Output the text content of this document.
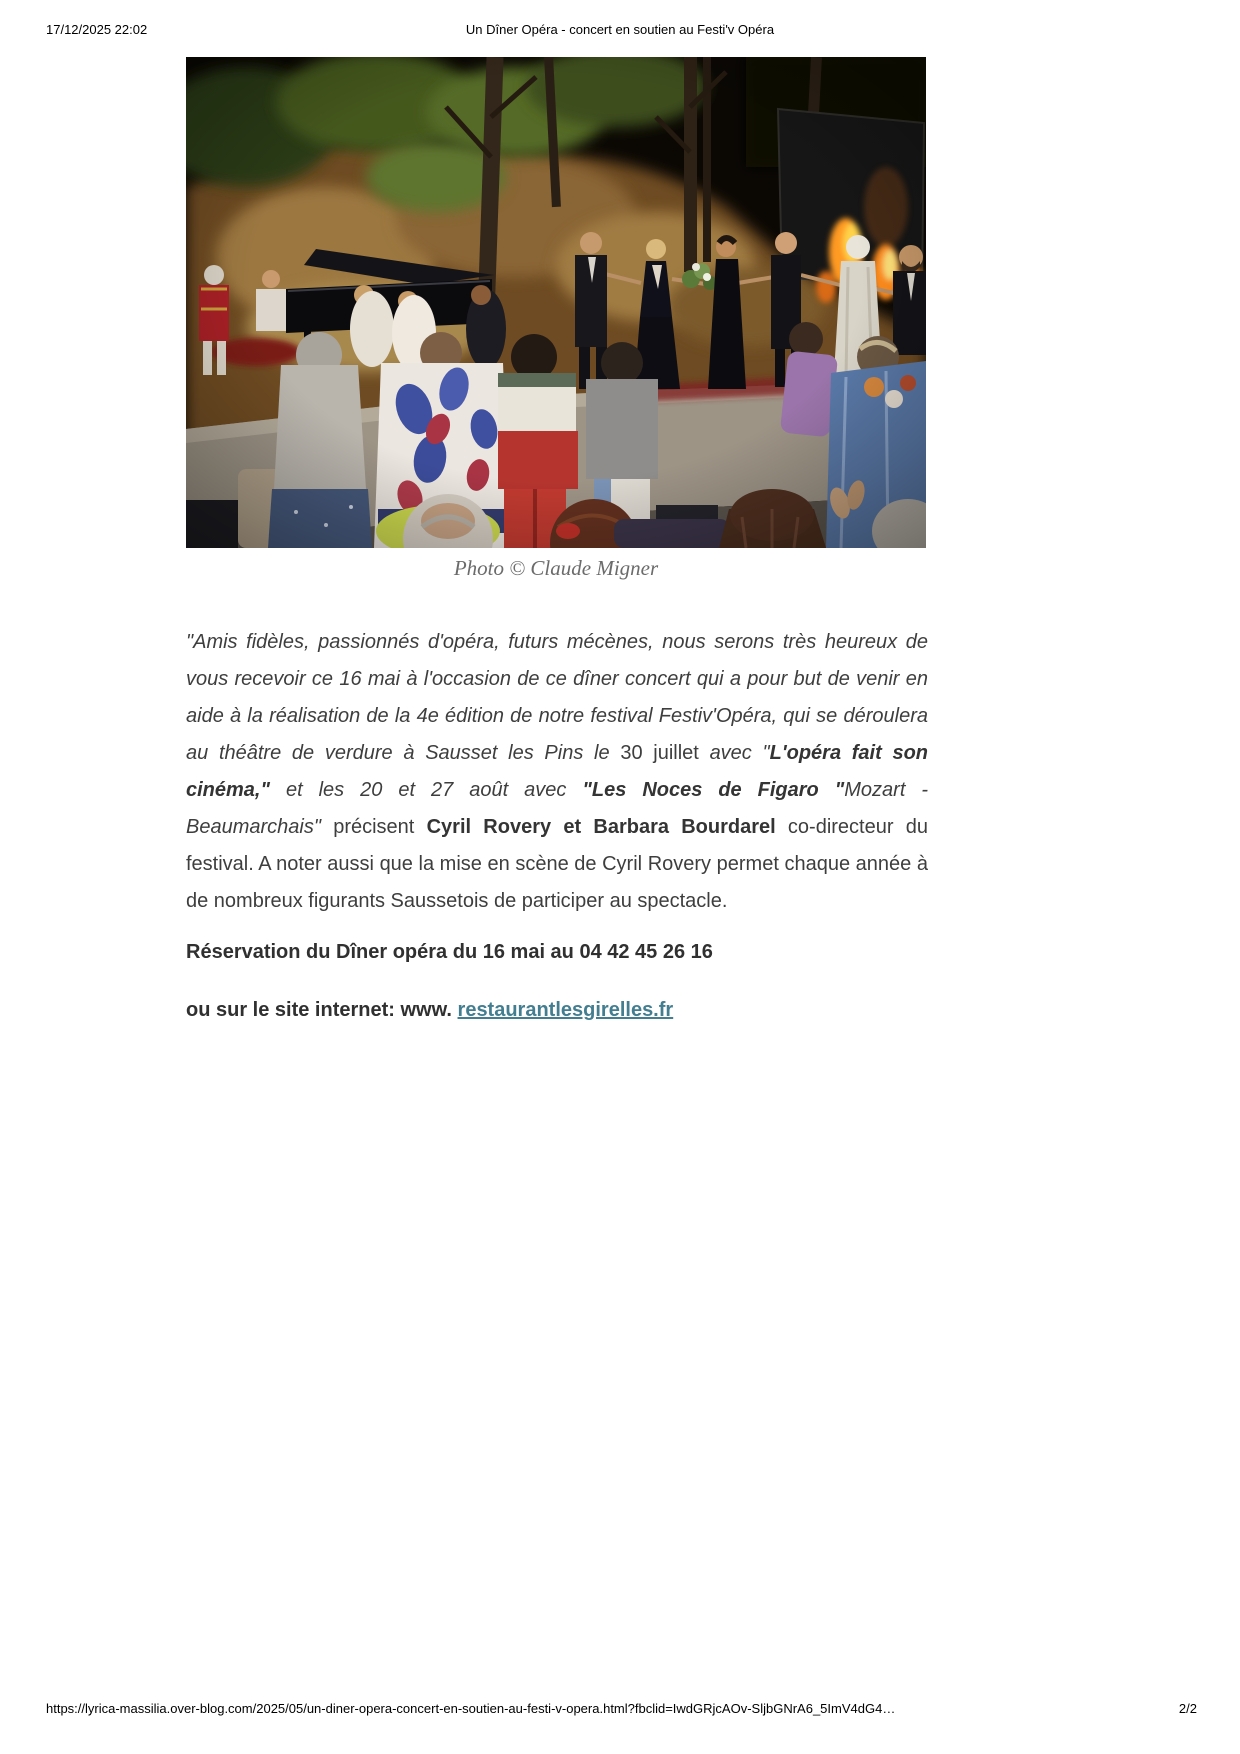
17/12/2025 22:02	Un Dîner Opéra - concert en soutien au Festi'v Opéra
Photo © Claude Migner

"Amis fidèles, passionnés d'opéra, futurs mécènes, nous serons très heureux de vous recevoir ce 16 mai à l'occasion de ce dîner concert qui a pour but de venir en aide à la réalisation de la 4e édition de notre festival Festiv'Opéra, qui se déroulera au théâtre de verdure à Sausset les Pins le 30 juillet avec "L'opéra fait son cinéma," et les 20 et 27 août avec "Les Noces de Figaro "Mozart - Beaumarchais" précisent Cyril Rovery et Barbara Bourdarel co-directeur du festival. A noter aussi que la mise en scène de Cyril Rovery permet chaque année à de nombreux figurants Saussetois de participer au spectacle.

Réservation du Dîner opéra du 16 mai au 04 42 45 26 16
ou sur le site internet: www. restaurantlesgirelles.fr
https://lyrica-massilia.over-blog.com/2025/05/un-diner-opera-concert-en-soutien-au-festi-v-opera.html?fbclid=IwdGRjcAOv-SljbGNrA6_5ImV4dG4…	2/2
